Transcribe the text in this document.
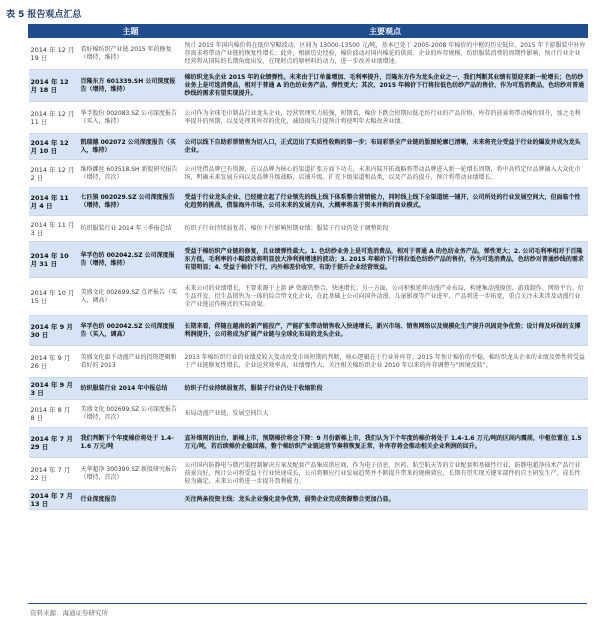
表 5 报告观点汇总
	主题	主要观点
2014 年 12 月 19 日	看好棉纺织产业链 2015 年的修复（增持，维持）	预计 2015 年国内棉价将在低位窄幅波动，区间为 13000-13500 元/吨，基本已处于 2005-2008 年棉价的中枢的历史低位。2015 年下游服装中补库存需求将带动产业链的恢复性增长；此外，根据历史经验，棉价波动对国内棉花的供需、企业的库存规模、纺织服装消费的周期性影响，预计行业企业经营将从国际的长期角度出发，在现时点的原材料的动力，进一步改善业绩增速。
2014 年 12 月 18 日	百隆东方 601339.SH 公司深度报告（增持，维持）	棉纺织龙头企业 2015 年的业绩弹性。未来由于订单量增加、毛利率提升，百隆东方作为龙头企业之一，我们判断其业绩有望迎来新一轮增长；色纺纱业务上是可选消费品，相对于普通 A 的色纺业务产品，弹性更大；其次，2015 年棉价下行将拉低色纺纱产品的售价，作为可选消费品，色纺纱对普通纱线的需求有望实现提升。
2014 年 12 月 11 日	华孚股份 002083.SZ 公司深度报告（买入，维持）	公司作为全球毛巾制品行业龙头企业，经营管理实力较强，短期看，棉价下跌会短期拉低毛纺行业的产品价格，库存的前景将带动棉价回升，加之毛利率提升的预期，以及处理其库存的优化，减值损失计提预计将使明年大幅改善业绩。
2014 年 12 月 10 日	凯瑞德 002072 公司深度报告（买入，维持）	公司以线下自助彩票销售为切入口，正式迈出了实质性收购的第一步；布局彩票全产业链的版图轮廓已清晰，未来将充分受益于行业的爆发并成为龙头企业。
2014 年 12 月 2 日	维格娜丝 603518.SH 新股研究报告（增持，首次）	公司凭借品牌已有资源，在以品牌为核心的渠道扩张方面下功夫，未来内陆开拓战略将带动品牌进入新一轮增长周期，将中高档定位品牌融入大众化市场，明确未来发展方向以及品牌升级战略，店铺升级、扩充下级渠道和品类，以及产品的提升，预计将带动业绩增长。
2014 年 11 月 4 日	七匹狼 002029.SZ 公司深度报告（增持，维持）	受益于行业龙头企业、已经建立起了行业领先的线上线下体系整合营销能力，同时线上线下全渠道统一铺开，公司所处的行业发展空间大，但面临个性化趋势的挑战，借鉴海外市场，公司未来的发展方向，大概率将基于资本并购的商业模式。
2014 年 11 月 3 日	纺织服装行业 2014 年三季报总结	纺织子行业持续弱复苏，棉价下行影响短期业绩；服装子行业仍处于调整阶段
2014 年 10 月 31 日	华孚色纺 002042.SZ 公司深度报告（增持，维持）	受益于棉纺织产业链的修复，且业绩弹性最大。1. 色纺纱业务上是可选消费品，相对于普通 A 的色纺业务产品，弹性更大；2. 公司毛利率相对于百隆东方低，毛利率的小幅波动将明显放大净利润增速的波动；3. 2015 年棉价下行将拉低色纺纱产品的售价，作为可选消费品，色纺纱对普通纱线的需求有望明显；4. 受益于棉价下行，内外棉差价收窄，有助于提升企业经营效益。
2014 年 10 月 15 日	美盛文化 002699.SZ 点评报告（买入，调高）	未来公司的业绩增长，主要来源于上游 IP 资源的整合，快速增长；另一方面，公司积极延伸动漫产业布局，构建集动漫原创、游戏制作、网络平台、衍生品开发、衍生品销售为一体的综合型文化企业，在此基础上公司向国外动漫、儿童影视等产业进军，产品将进一步拓宽，重点关注未来涉及动漫行业全产业链运作模式的实际效果。
2014 年 9 月 30 日	华孚色纺 002042.SZ 公司深度报告（买入，调高）	长期来看，伴随在越南的新产能投产，产能扩张带动销售收入快速增长，新兴市场、销售网络以及规模化生产提升巩固竞争优势；设计师及环保的支撑利润提升，公司将成为扩展产业链与全球化布局的龙头企业。
2014 年 9 月 26 日	美盛文化旗下动漫产业的投资逻辑和看好的 2013	2013 年棉纺织行业的业绩及较大变动改变市场短期的判断，核心逻辑在于行业补库存；2015 年预计棉价的平稳，棉纺织龙头企业的业绩及弹性将受益于产业链修复性增长，企业运营效率高，业绩弹性大，关注相关棉纺织企业 2010 年以来的库存调整与“困境反转”。
2014 年 9 月 3 日	纺织服装行业 2014 年中报总结	纺织子行业持续弱复苏，服装子行业仍处于收缩阶段
2014 年 8 月 8 日	美盛文化 002699.SZ 公司深度报告（增持，首次）	布局动漫产业链，发展空间巨大
2014 年 7 月 29 日	我们判断下个年度棉价将处于 1.4-1.6 万元/吨	直补细则的出台，新棉上市，预期棉价将会下降：9 月份新棉上市，我们认为下个年度的棉价将处于 1.4-1.6 万元/吨的区间内震荡，中枢位置在 1.5 万元/吨，若后续棉价企稳回落，整个棉纺织产业链运营节奏将恢复正常，补库存将会推动相关企业利润的回升。
2014 年 7 月 22 日	天华超净 300390.SZ 新股研究报告（增持，首次）	公司国内防静电与微污染控制解决方案及配套产品集成供应商，作为电子信息、医药、航空航天等的专业配套和基础性行业，防静电超净技术产品行业前景良好，预计公司将受益于行业快速成长，公司将顺应行业发展趋势并不断提升带来的规模效应，长期有望实现关键零部件的自主研发生产，成长性较为确定，未来公司将进一步提升盈利能力。
2014 年 7 月 13 日	行业深度报告	关注两条投资主线：龙头企业强化竞争优势，弱势企业完成资源整合更加凸显。
资料来源：海通证券研究所
